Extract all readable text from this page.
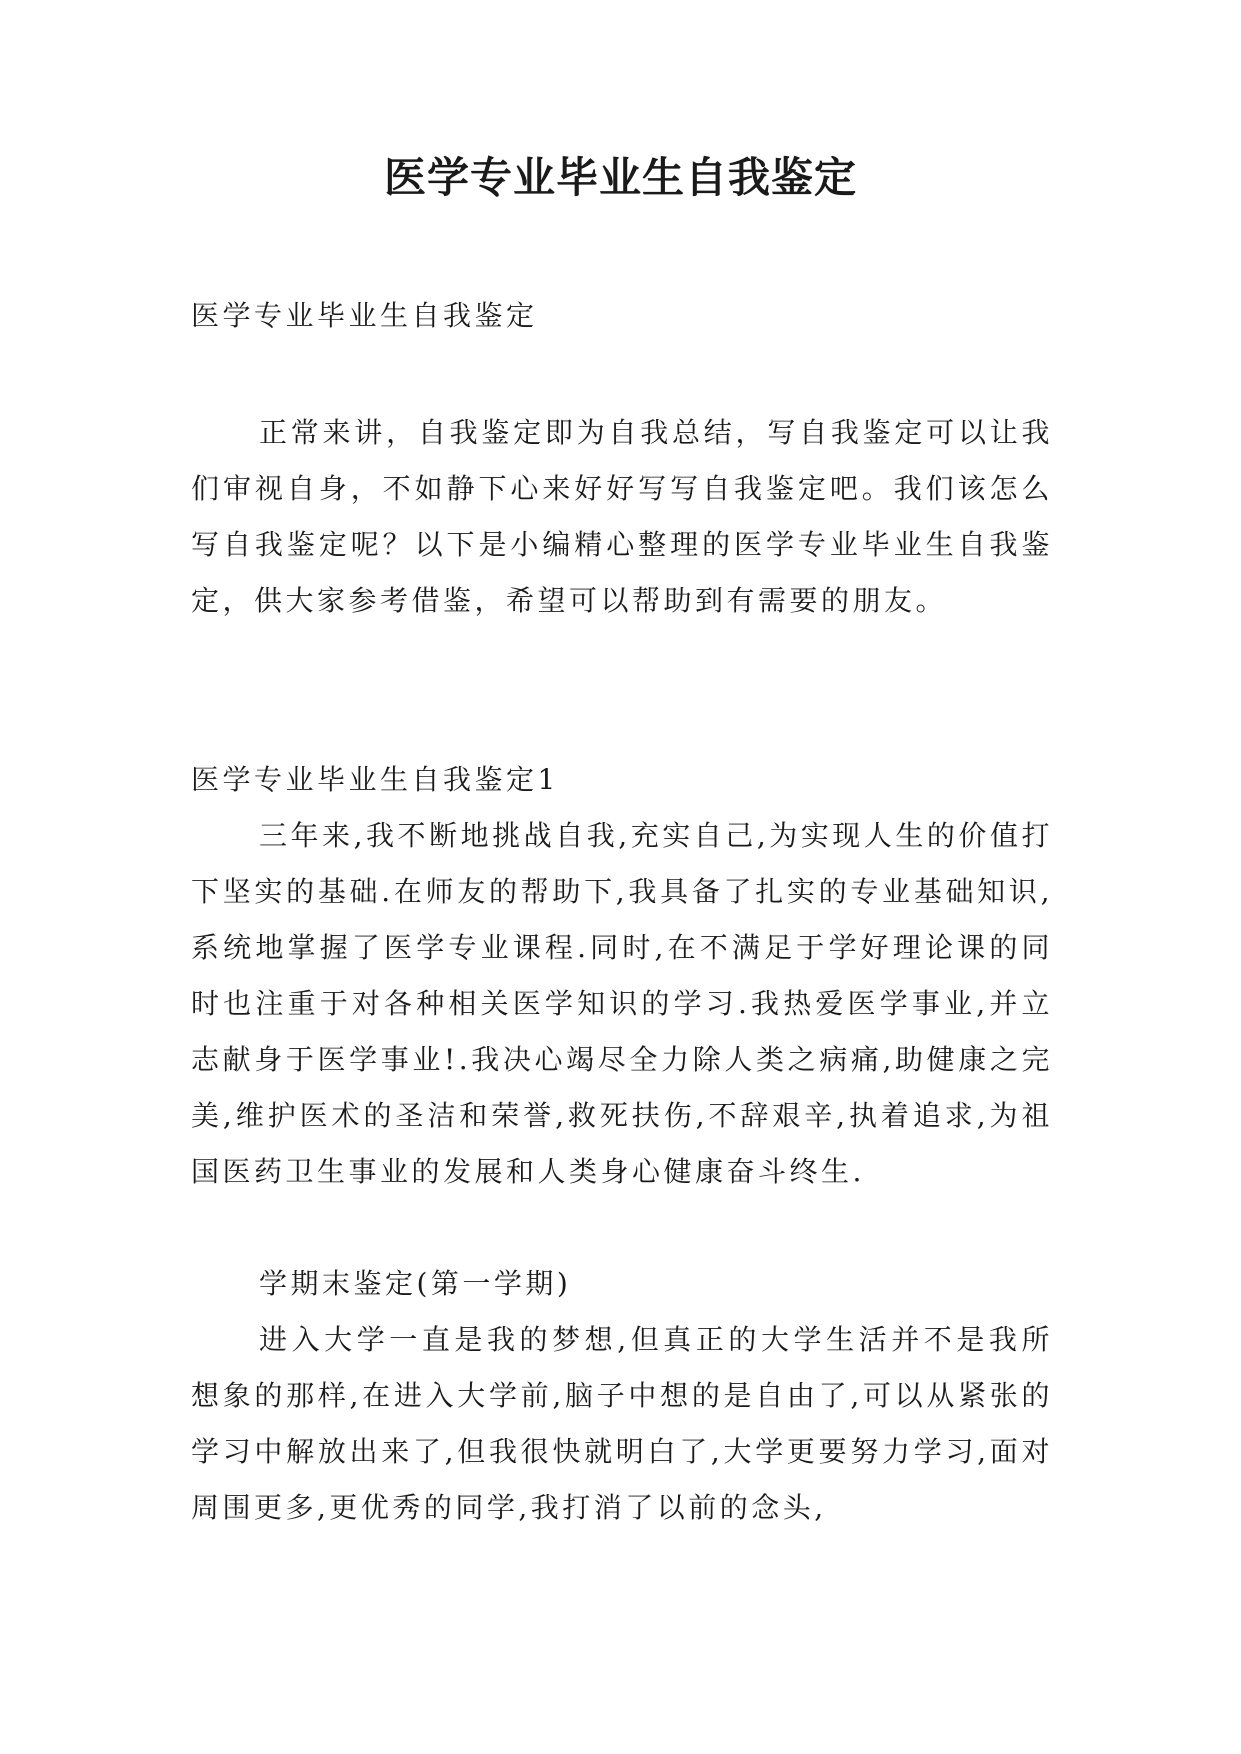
医学专业毕业生自我鉴定

医学专业毕业生自我鉴定

正常来讲，自我鉴定即为自我总结，写自我鉴定可以让我们审视自身，不如静下心来好好写写自我鉴定吧。我们该怎么写自我鉴定呢？以下是小编精心整理的医学专业毕业生自我鉴定，供大家参考借鉴，希望可以帮助到有需要的朋友。

医学专业毕业生自我鉴定1

三年来,我不断地挑战自我,充实自己,为实现人生的价值打下坚实的基础.在师友的帮助下,我具备了扎实的专业基础知识,系统地掌握了医学专业课程.同时,在不满足于学好理论课的同时也注重于对各种相关医学知识的学习.我热爱医学事业,并立志献身于医学事业!.我决心竭尽全力除人类之病痛,助健康之完美,维护医术的圣洁和荣誉,救死扶伤,不辞艰辛,执着追求,为祖国医药卫生事业的发展和人类身心健康奋斗终生.

学期末鉴定(第一学期)

进入大学一直是我的梦想,但真正的大学生活并不是我所想象的那样,在进入大学前,脑子中想的是自由了,可以从紧张的学习中解放出来了,但我很快就明白了,大学更要努力学习,面对周围更多,更优秀的同学,我打消了以前的念头,
